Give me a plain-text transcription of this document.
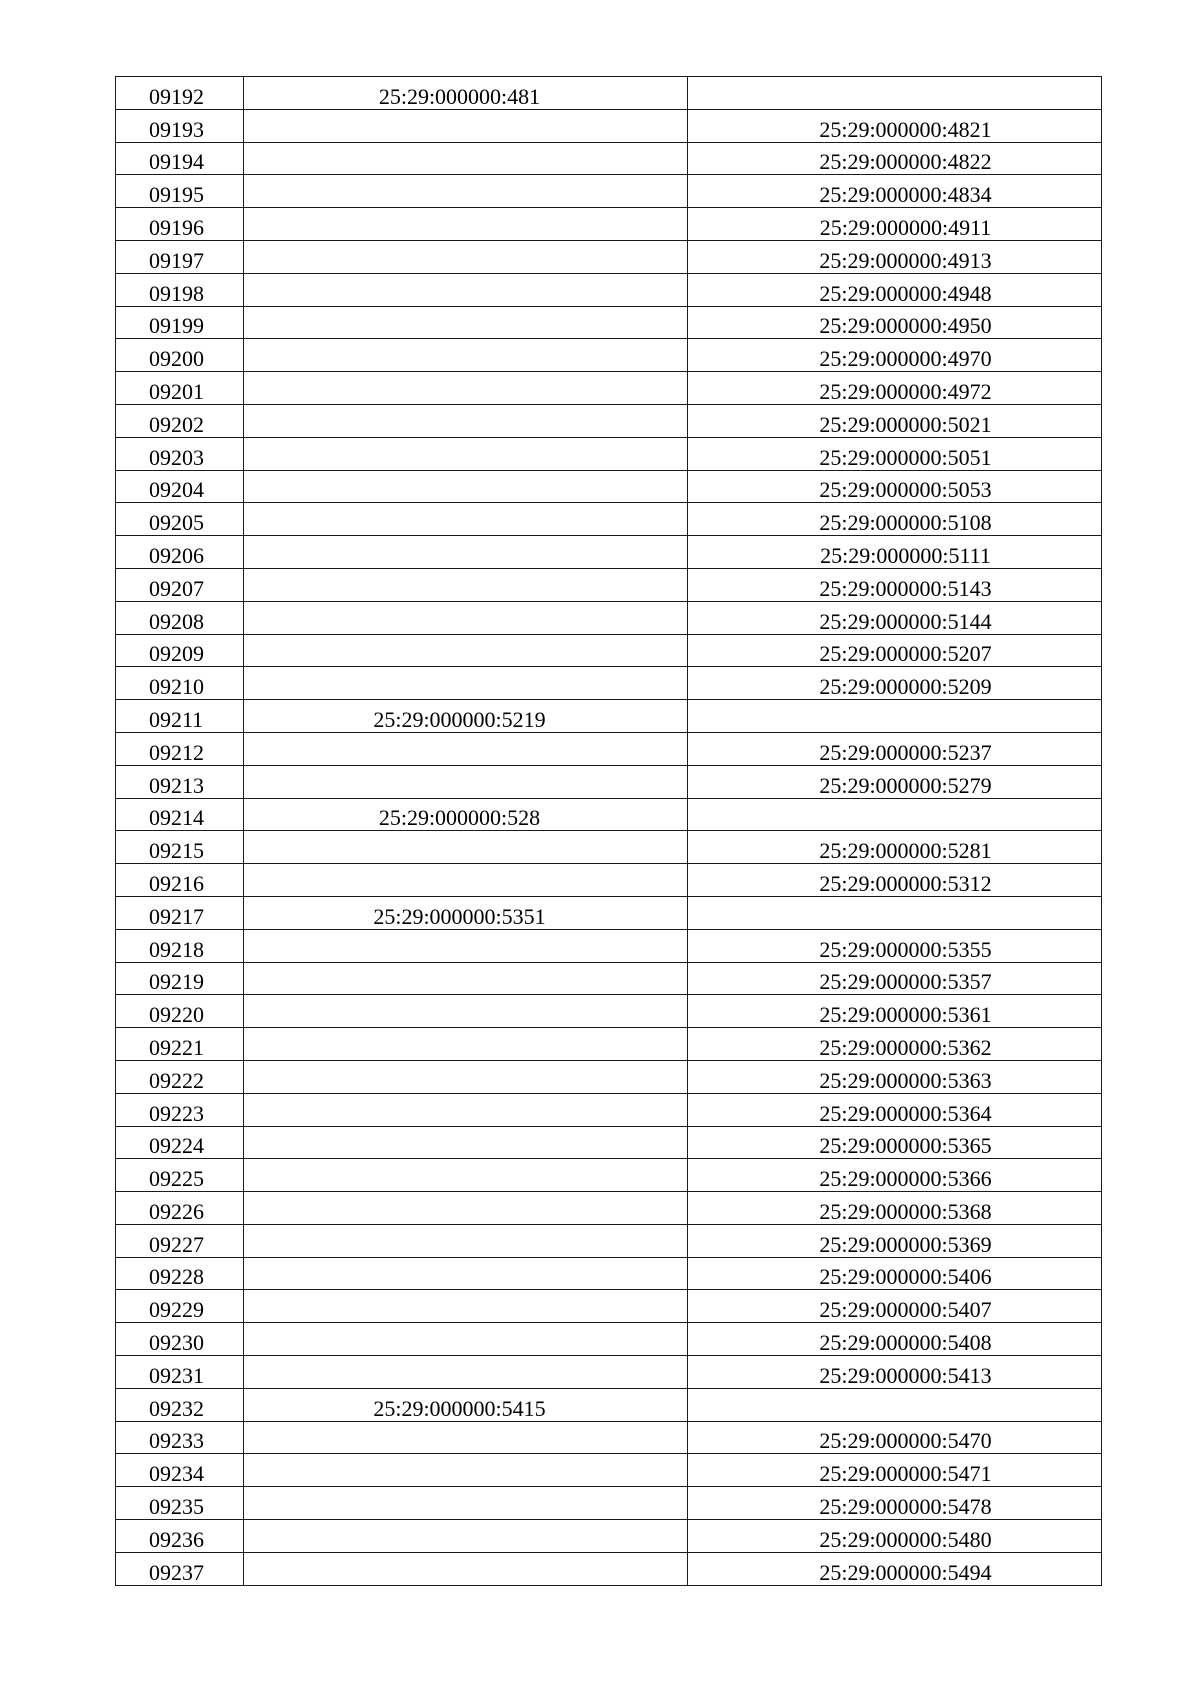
09192	25:29:000000:481	
09193		25:29:000000:4821
09194		25:29:000000:4822
09195		25:29:000000:4834
09196		25:29:000000:4911
09197		25:29:000000:4913
09198		25:29:000000:4948
09199		25:29:000000:4950
09200		25:29:000000:4970
09201		25:29:000000:4972
09202		25:29:000000:5021
09203		25:29:000000:5051
09204		25:29:000000:5053
09205		25:29:000000:5108
09206		25:29:000000:5111
09207		25:29:000000:5143
09208		25:29:000000:5144
09209		25:29:000000:5207
09210		25:29:000000:5209
09211	25:29:000000:5219	
09212		25:29:000000:5237
09213		25:29:000000:5279
09214	25:29:000000:528	
09215		25:29:000000:5281
09216		25:29:000000:5312
09217	25:29:000000:5351	
09218		25:29:000000:5355
09219		25:29:000000:5357
09220		25:29:000000:5361
09221		25:29:000000:5362
09222		25:29:000000:5363
09223		25:29:000000:5364
09224		25:29:000000:5365
09225		25:29:000000:5366
09226		25:29:000000:5368
09227		25:29:000000:5369
09228		25:29:000000:5406
09229		25:29:000000:5407
09230		25:29:000000:5408
09231		25:29:000000:5413
09232	25:29:000000:5415	
09233		25:29:000000:5470
09234		25:29:000000:5471
09235		25:29:000000:5478
09236		25:29:000000:5480
09237		25:29:000000:5494
